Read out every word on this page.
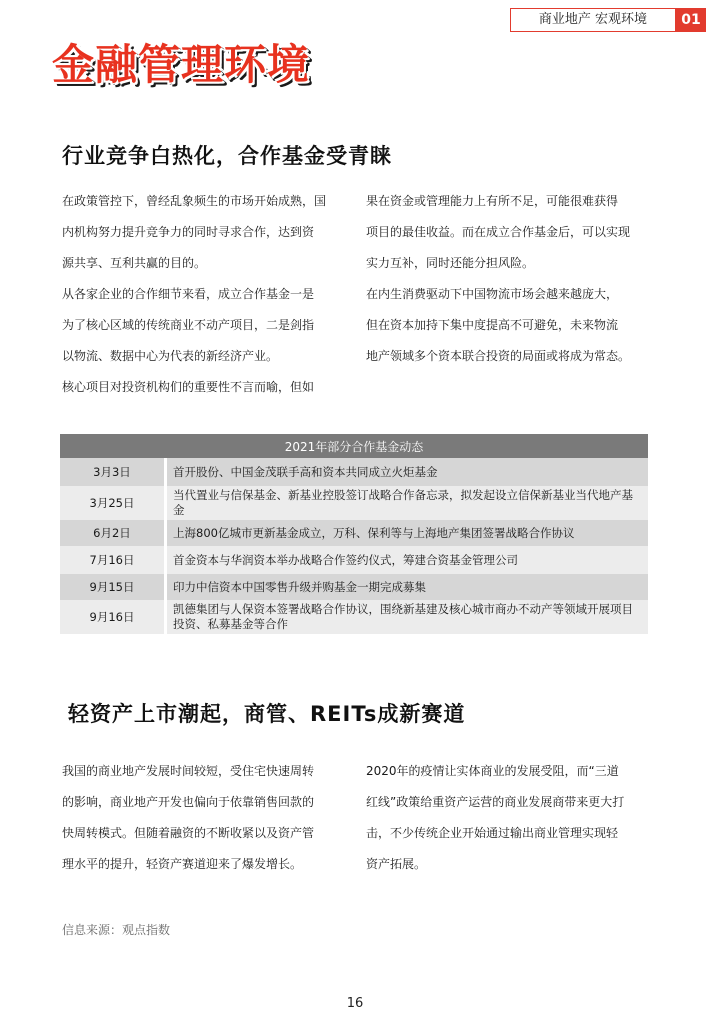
商业地产 宏观环境	01
金融管理环境
行业竞争白热化，合作基金受青睐
在政策管控下，曾经乱象频生的市场开始成熟，国
内机构努力提升竞争力的同时寻求合作，达到资
源共享、互利共赢的目的。
从各家企业的合作细节来看，成立合作基金一是
为了核心区域的传统商业不动产项目，二是剑指
以物流、数据中心为代表的新经济产业。
核心项目对投资机构们的重要性不言而喻，但如
果在资金或管理能力上有所不足，可能很难获得
项目的最佳收益。而在成立合作基金后，可以实现
实力互补，同时还能分担风险。
在内生消费驱动下中国物流市场会越来越庞大，
但在资本加持下集中度提高不可避免，未来物流
地产领域多个资本联合投资的局面或将成为常态。
2021年部分合作基金动态	
3月3日	首开股份、中国金茂联手高和资本共同成立火炬基金
3月25日	当代置业与信保基金、新基业控股签订战略合作备忘录，拟发起设立信保新基业当代地产基金
6月2日	上海800亿城市更新基金成立，万科、保利等与上海地产集团签署战略合作协议
7月16日	首金资本与华润资本举办战略合作签约仪式，筹建合资基金管理公司
9月15日	印力中信资本中国零售升级并购基金一期完成募集
9月16日	凯德集团与人保资本签署战略合作协议，围绕新基建及核心城市商办不动产等领域开展项目投资、私募基金等合作
轻资产上市潮起，商管、REITs成新赛道
我国的商业地产发展时间较短，受住宅快速周转
的影响，商业地产开发也偏向于依靠销售回款的
快周转模式。但随着融资的不断收紧以及资产管
理水平的提升，轻资产赛道迎来了爆发增长。
2020年的疫情让实体商业的发展受阻，而“三道
红线”政策给重资产运营的商业发展商带来更大打
击，不少传统企业开始通过输出商业管理实现轻
资产拓展。
信息来源：观点指数
16
